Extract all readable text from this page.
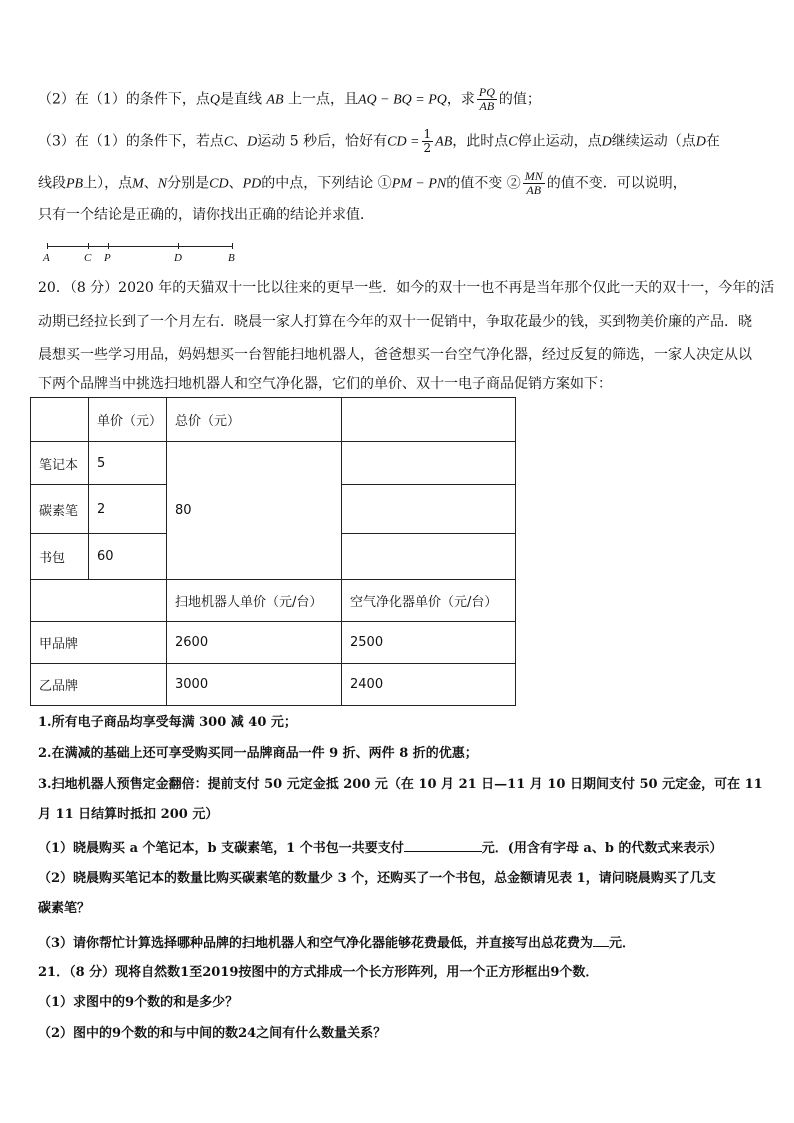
（2）在（1）的条件下，点Q是直线 AB 上一点，且AQ − BQ = PQ，求 $\frac{PQ}{AB}$ 的值；
（3）在（1）的条件下，若点C、D运动 5 秒后，恰好有CD = $\frac{1}{2}$ AB，此时点C停止运动，点D继续运动（点D在
线段PB上），点M、N分别是CD、PD的中点，下列结论 ①PM − PN的值不变 ② $\frac{MN}{AB}$ 的值不变．可以说明，
只有一个结论是正确的，请你找出正确的结论并求值．
A	C P	D	B
20．（8 分）2020 年的天猫双十一比以往来的更早一些．如今的双十一也不再是当年那个仅此一天的双十一，今年的活
动期已经拉长到了一个月左右．晓晨一家人打算在今年的双十一促销中，争取花最少的钱，买到物美价廉的产品．晓
晨想买一些学习用品，妈妈想买一台智能扫地机器人，爸爸想买一台空气净化器，经过反复的筛选，一家人决定从以
下两个品牌当中挑选扫地机器人和空气净化器，它们的单价、双十一电子商品促销方案如下：
	单价（元）	总价（元）	
笔记本	5	80	
碳素笔	2		
书包	60		
		扫地机器人单价（元/台）	空气净化器单价（元/台）
甲品牌		2600	2500
乙品牌		3000	2400
1.所有电子商品均享受每满 300 减 40 元；
2.在满减的基础上还可享受购买同一品牌商品一件 9 折、两件 8 折的优惠；
3.扫地机器人预售定金翻倍：提前支付 50 元定金抵 200 元（在 10 月 21 日—11 月 10 日期间支付 50 元定金，可在 11
月 11 日结算时抵扣 200 元）
（1）晓晨购买 a 个笔记本，b 支碳素笔，1 个书包一共要支付	元．(用含有字母 a、b 的代数式来表示）
（2）晓晨购买笔记本的数量比购买碳素笔的数量少 3 个，还购买了一个书包，总金额请见表 1，请问晓晨购买了几支
碳素笔？
（3）请你帮忙计算选择哪种品牌的扫地机器人和空气净化器能够花费最低，并直接写出总花费为 元．
21．（8 分）现将自然数1至2019按图中的方式排成一个长方形阵列，用一个正方形框出9个数．
（1）求图中的9个数的和是多少？
（2）图中的9个数的和与中间的数24之间有什么数量关系？
